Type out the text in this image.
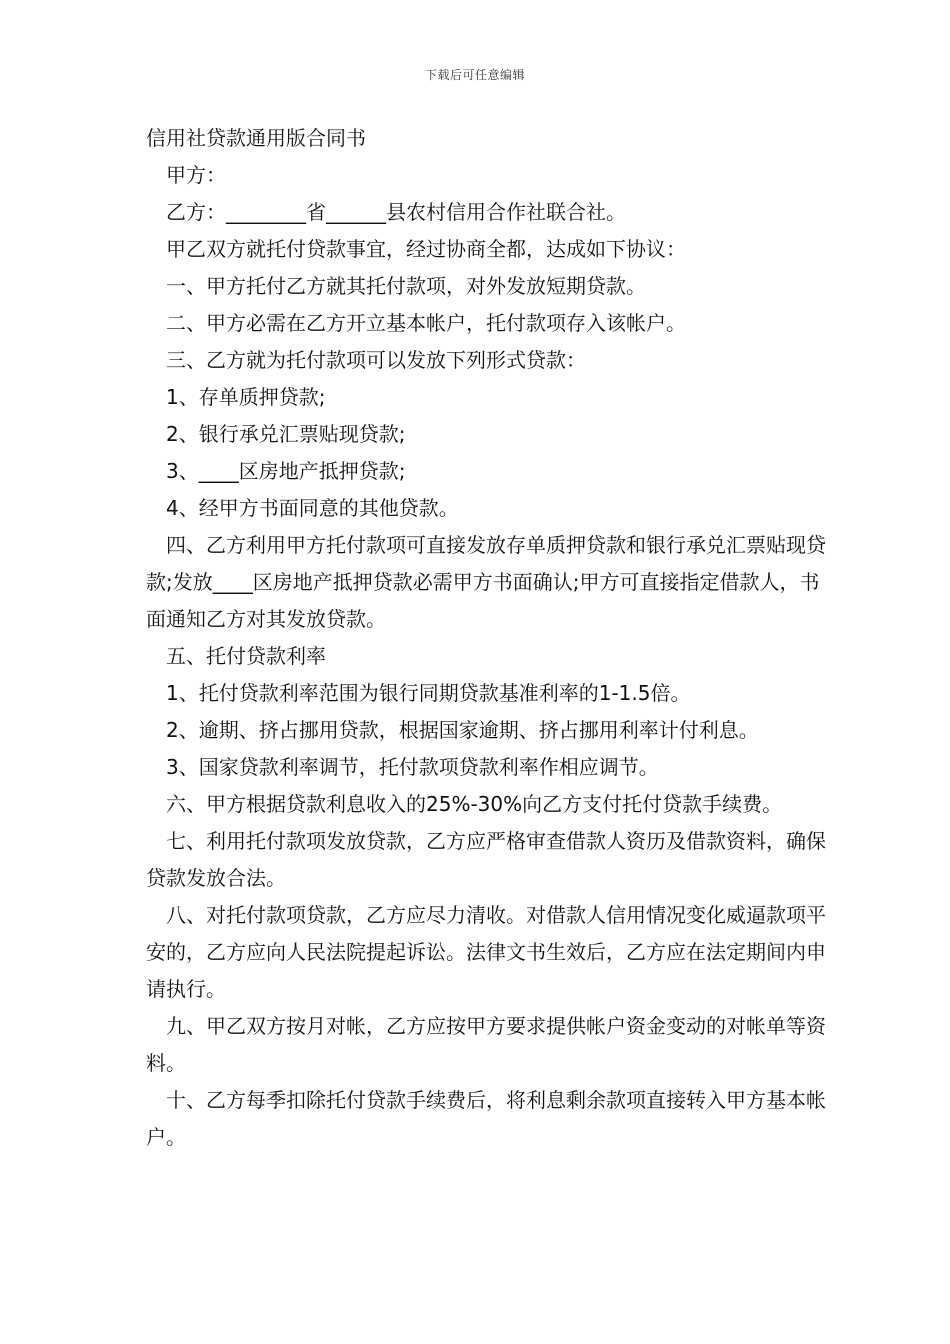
下载后可任意编辑

信用社贷款通用版合同书

甲方：

乙方：________省______县农村信用合作社联合社。

甲乙双方就托付贷款事宜，经过协商全都，达成如下协议：

一、甲方托付乙方就其托付款项，对外发放短期贷款。

二、甲方必需在乙方开立基本帐户，托付款项存入该帐户。

三、乙方就为托付款项可以发放下列形式贷款：

1、存单质押贷款;

2、银行承兑汇票贴现贷款;

3、____区房地产抵押贷款;

4、经甲方书面同意的其他贷款。

四、乙方利用甲方托付款项可直接发放存单质押贷款和银行承兑汇票贴现贷款;发放____区房地产抵押贷款必需甲方书面确认;甲方可直接指定借款人，书面通知乙方对其发放贷款。

五、托付贷款利率

1、托付贷款利率范围为银行同期贷款基准利率的1-1.5倍。

2、逾期、挤占挪用贷款，根据国家逾期、挤占挪用利率计付利息。

3、国家贷款利率调节，托付款项贷款利率作相应调节。

六、甲方根据贷款利息收入的25%-30%向乙方支付托付贷款手续费。

七、利用托付款项发放贷款，乙方应严格审查借款人资历及借款资料，确保贷款发放合法。

八、对托付款项贷款，乙方应尽力清收。对借款人信用情况变化威逼款项平安的，乙方应向人民法院提起诉讼。法律文书生效后，乙方应在法定期间内申请执行。

九、甲乙双方按月对帐，乙方应按甲方要求提供帐户资金变动的对帐单等资料。

十、乙方每季扣除托付贷款手续费后，将利息剩余款项直接转入甲方基本帐户。
